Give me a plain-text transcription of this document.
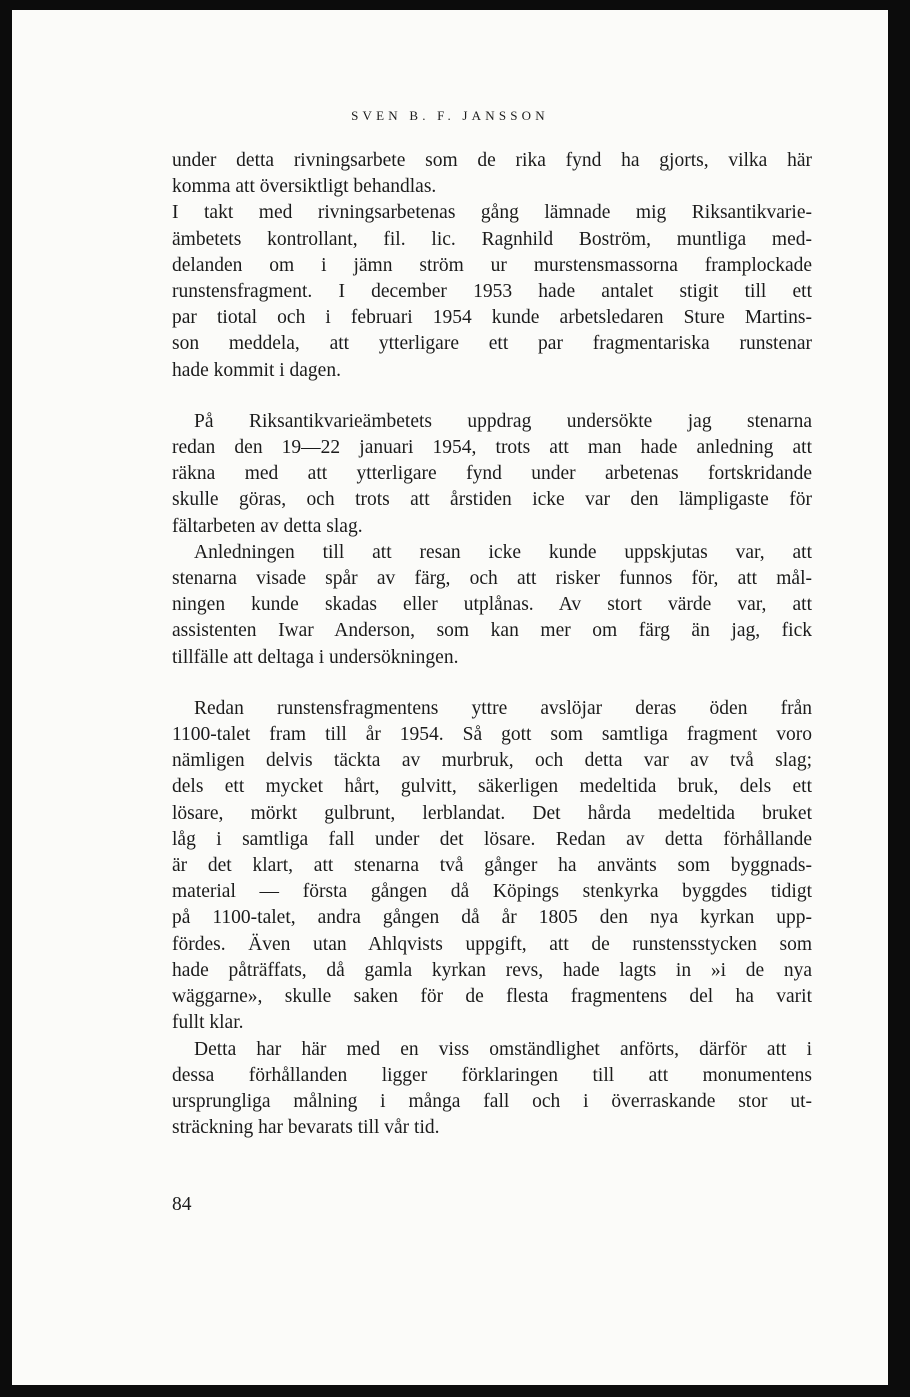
SVEN B. F. JANSSON
under detta rivningsarbete som de rika fynd ha gjorts, vilka här
komma att översiktligt behandlas.
I takt med rivningsarbetenas gång lämnade mig Riksantikvarie-
ämbetets kontrollant, fil. lic. Ragnhild Boström, muntliga med-
delanden om i jämn ström ur murstensmassorna framplockade
runstensfragment. I december 1953 hade antalet stigit till ett
par tiotal och i februari 1954 kunde arbetsledaren Sture Martins-
son meddela, att ytterligare ett par fragmentariska runstenar
hade kommit i dagen.
På Riksantikvarieämbetets uppdrag undersökte jag stenarna
redan den 19—22 januari 1954, trots att man hade anledning att
räkna med att ytterligare fynd under arbetenas fortskridande
skulle göras, och trots att årstiden icke var den lämpligaste för
fältarbeten av detta slag.
Anledningen till att resan icke kunde uppskjutas var, att
stenarna visade spår av färg, och att risker funnos för, att mål-
ningen kunde skadas eller utplånas. Av stort värde var, att
assistenten Iwar Anderson, som kan mer om färg än jag, fick
tillfälle att deltaga i undersökningen.
Redan runstensfragmentens yttre avslöjar deras öden från
1100-talet fram till år 1954. Så gott som samtliga fragment voro
nämligen delvis täckta av murbruk, och detta var av två slag;
dels ett mycket hårt, gulvitt, säkerligen medeltida bruk, dels ett
lösare, mörkt gulbrunt, lerblandat. Det hårda medeltida bruket
låg i samtliga fall under det lösare. Redan av detta förhållande
är det klart, att stenarna två gånger ha använts som byggnads-
material — första gången då Köpings stenkyrka byggdes tidigt
på 1100-talet, andra gången då år 1805 den nya kyrkan upp-
fördes. Även utan Ahlqvists uppgift, att de runstensstycken som
hade påträffats, då gamla kyrkan revs, hade lagts in »i de nya
wäggarne», skulle saken för de flesta fragmentens del ha varit
fullt klar.
Detta har här med en viss omständlighet anförts, därför att i
dessa förhållanden ligger förklaringen till att monumentens
ursprungliga målning i många fall och i överraskande stor ut-
sträckning har bevarats till vår tid.
84
